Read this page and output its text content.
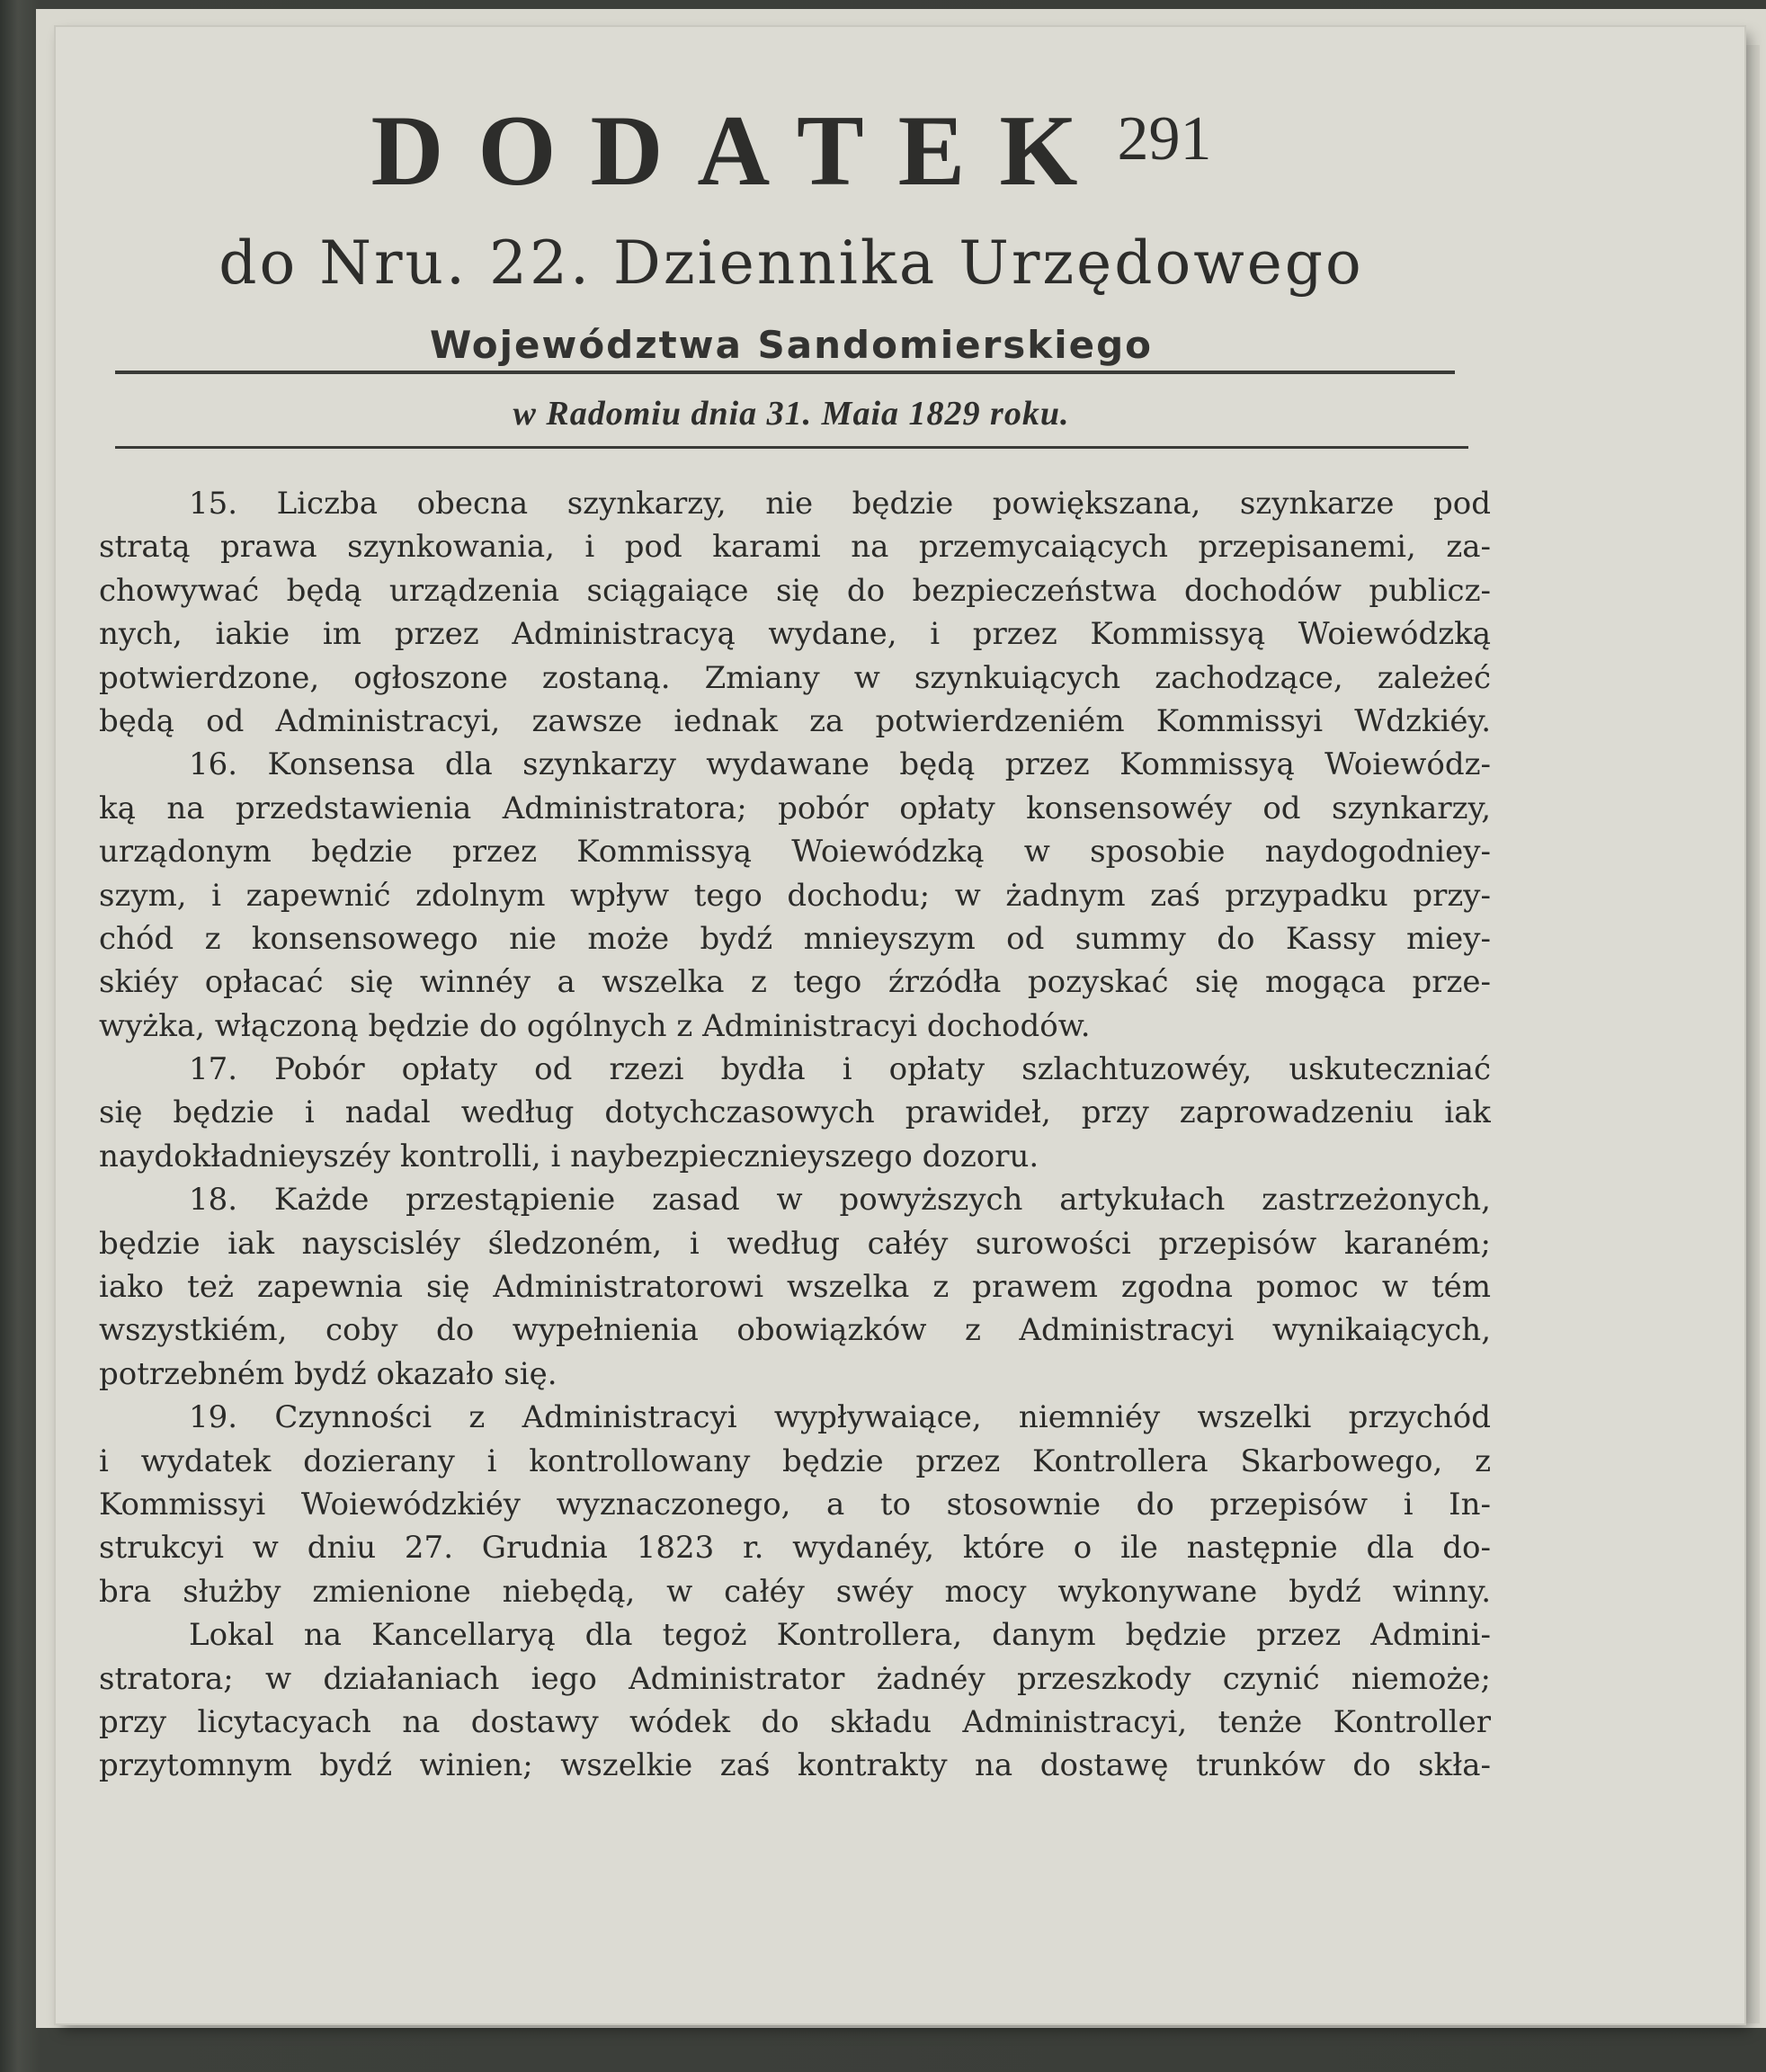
DODATEK$^{291}$
do Nru. 22. Dziennika Urzędowego
Województwa Sandomierskiego
w Radomiu dnia 31. Maia 1829 roku.
15. Liczba obecna szynkarzy, nie będzie powiększana, szynkarze pod
stratą prawa szynkowania, i pod karami na przemycaiących przepisanemi, za-
chowywać będą urządzenia sciągaiące się do bezpieczeństwa dochodów publicz-
nych, iakie im przez Administracyą wydane, i przez Kommissyą Woiewódzką
potwierdzone, ogłoszone zostaną. Zmiany w szynkuiących zachodzące, zależeć
będą od Administracyi, zawsze iednak za potwierdzeniém Kommissyi Wdzkiéy.
16. Konsensa dla szynkarzy wydawane będą przez Kommissyą Woiewódz-
ką na przedstawienia Administratora; pobór opłaty konsensowéy od szynkarzy,
urządonym będzie przez Kommissyą Woiewódzką w sposobie naydogodniey-
szym, i zapewnić zdolnym wpływ tego dochodu; w żadnym zaś przypadku przy-
chód z konsensowego nie może bydź mnieyszym od summy do Kassy miey-
skiéy opłacać się winnéy a wszelka z tego źrzódła pozyskać się mogąca prze-
wyżka, włączoną będzie do ogólnych z Administracyi dochodów.
17. Pobór opłaty od rzezi bydła i opłaty szlachtuzowéy, uskuteczniać
się będzie i nadal według dotychczasowych prawideł, przy zaprowadzeniu iak
naydokładnieyszéy kontrolli, i naybezpiecznieyszego dozoru.
18. Każde przestąpienie zasad w powyższych artykułach zastrzeżonych,
będzie iak nayscisléy śledzoném, i według całéy surowości przepisów karaném;
iako też zapewnia się Administratorowi wszelka z prawem zgodna pomoc w tém
wszystkiém, coby do wypełnienia obowiązków z Administracyi wynikaiących,
potrzebném bydź okazało się.
19. Czynności z Administracyi wypływaiące, niemniéy wszelki przychód
i wydatek dozierany i kontrollowany będzie przez Kontrollera Skarbowego, z
Kommissyi Woiewódzkiéy wyznaczonego, a to stosownie do przepisów i In-
strukcyi w dniu 27. Grudnia 1823 r. wydanéy, które o ile następnie dla do-
bra służby zmienione niebędą, w całéy swéy mocy wykonywane bydź winny.
Lokal na Kancellaryą dla tegoż Kontrollera, danym będzie przez Admini-
stratora; w działaniach iego Administrator żadnéy przeszkody czynić niemoże;
przy licytacyach na dostawy wódek do składu Administracyi, tenże Kontroller
przytomnym bydź winien; wszelkie zaś kontrakty na dostawę trunków do skła-
